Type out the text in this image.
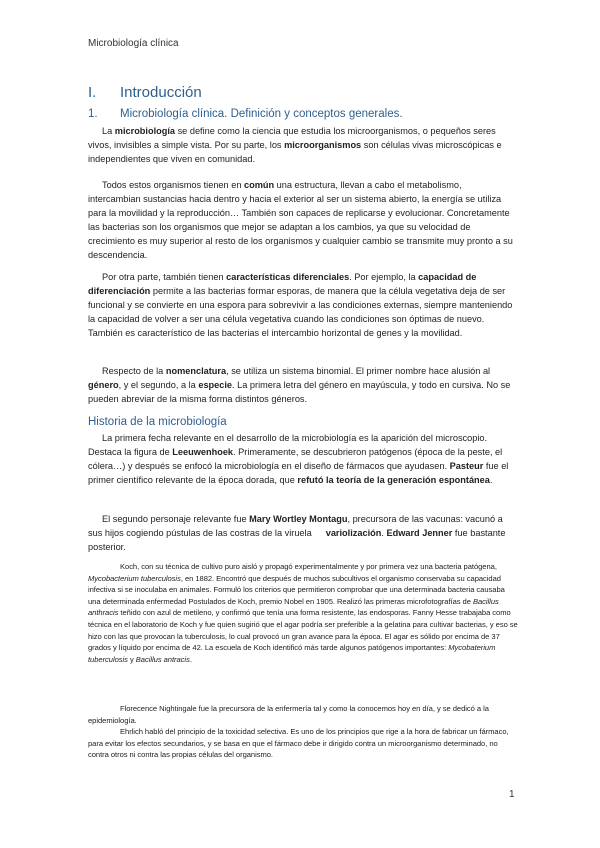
Microbiología clínica
I. Introducción
1. Microbiología clínica. Definición y conceptos generales.
La microbiología se define como la ciencia que estudia los microorganismos, o pequeños seres vivos, invisibles a simple vista. Por su parte, los microorganismos son células vivas microscópicas e independientes que viven en comunidad.
Todos estos organismos tienen en común una estructura, llevan a cabo el metabolismo, intercambian sustancias hacia dentro y hacia el exterior al ser un sistema abierto, la energía se utiliza para la movilidad y la reproducción… También son capaces de replicarse y evolucionar. Concretamente las bacterias son los organismos que mejor se adaptan a los cambios, ya que su velocidad de crecimiento es muy superior al resto de los organismos y cualquier cambio se transmite muy pronto a su descendencia.
Por otra parte, también tienen características diferenciales. Por ejemplo, la capacidad de diferenciación permite a las bacterias formar esporas, de manera que la célula vegetativa deja de ser funcional y se convierte en una espora para sobrevivir a las condiciones externas, siempre manteniendo la capacidad de volver a ser una célula vegetativa cuando las condiciones son óptimas de nuevo. También es característico de las bacterias el intercambio horizontal de genes y la movilidad.
Respecto de la nomenclatura, se utiliza un sistema binomial. El primer nombre hace alusión al género, y el segundo, a la especie. La primera letra del género en mayúscula, y todo en cursiva. No se pueden abreviar de la misma forma distintos géneros.
Historia de la microbiología
La primera fecha relevante en el desarrollo de la microbiología es la aparición del microscopio. Destaca la figura de Leeuwenhoek. Primeramente, se descubrieron patógenos (época de la peste, el cólera…) y después se enfocó la microbiología en el diseño de fármacos que ayudasen. Pasteur fue el primer científico relevante de la época dorada, que refutó la teoría de la generación espontánea.
El segundo personaje relevante fue Mary Wortley Montagu, precursora de las vacunas: vacunó a sus hijos cogiendo pústulas de las costras de la viruela variolización. Edward Jenner fue bastante posterior.
Koch, con su técnica de cultivo puro aisló y propagó experimentalmente y por primera vez una bacteria patógena, Mycobacterium tuberculosis, en 1882. Encontró que después de muchos subcultivos el organismo conservaba su capacidad infectiva si se inoculaba en animales. Formuló los criterios que permitieron comprobar que una determinada bacteria causaba una determinada enfermedad Postulados de Koch, premio Nobel en 1905. Realizó las primeras microfotografías de Bacillus anthracis teñido con azul de metileno, y confirmó que tenía una forma resistente, las endosporas. Fanny Hesse trabajaba como técnica en el laboratorio de Koch y fue quien sugirió que el agar podría ser preferible a la gelatina para cultivar bacterias, y eso se hizo con las que provocan la tuberculosis, lo cual provocó un gran avance para la época. El agar es sólido por encima de 37 grados y líquido por encima de 42. La escuela de Koch identificó más tarde algunos patógenos importantes: Mycobaterium tuberculosis y Bacillus antracis.
Florecence Nightingale fue la precursora de la enfermería tal y como la conocemos hoy en día, y se dedicó a la epidemiología.
Ehrlich habló del principio de la toxicidad selectiva. Es uno de los principios que rige a la hora de fabricar un fármaco, para evitar los efectos secundarios, y se basa en que el fármaco debe ir dirigido contra un microorganismo determinado, no contra otros ni contra las propias células del organismo.
1
